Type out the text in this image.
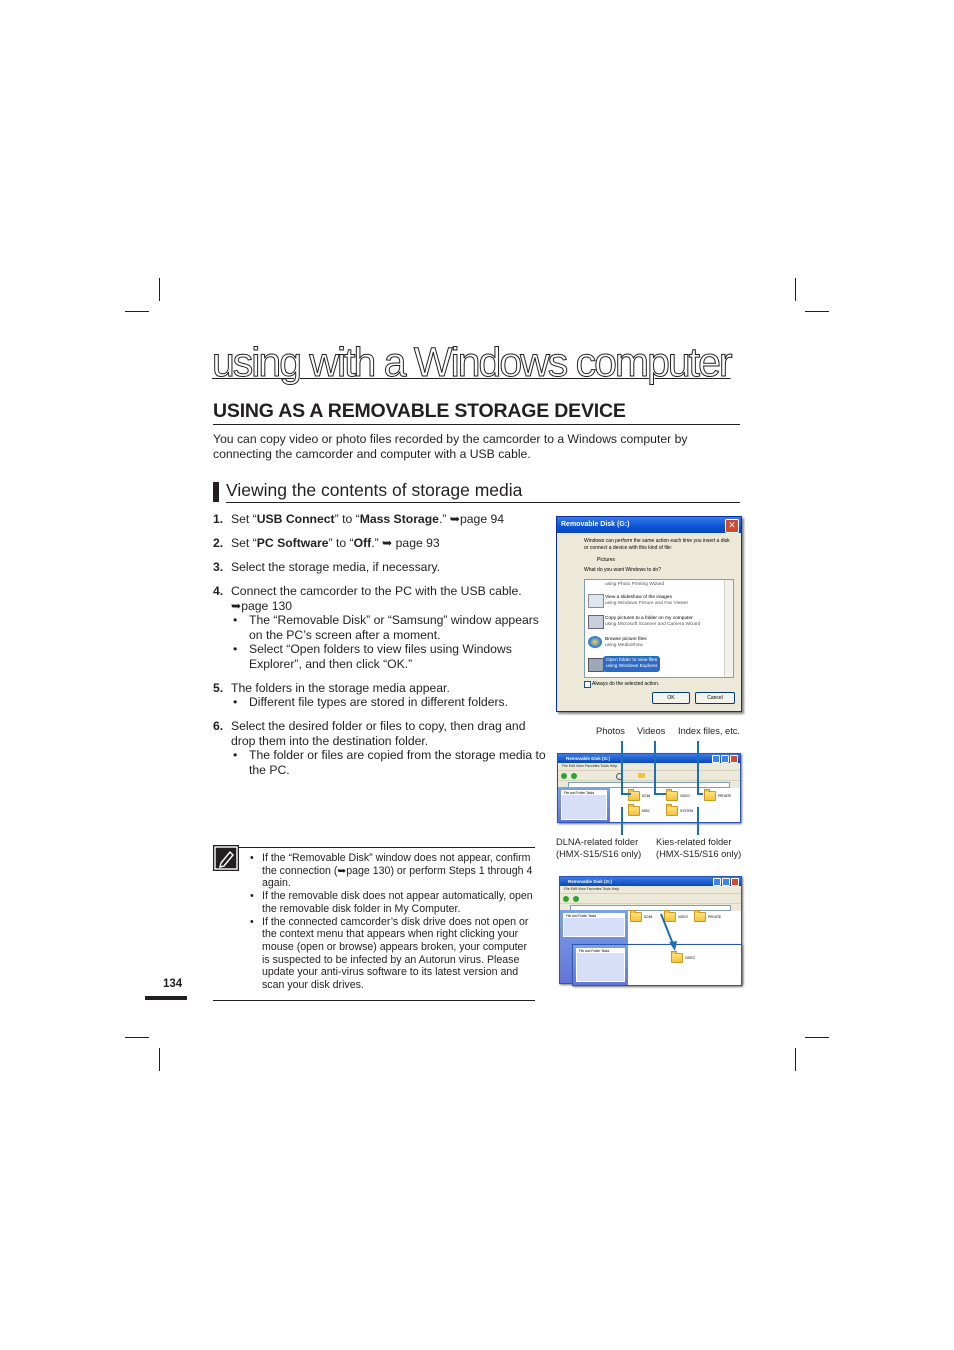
using with a Windows computer
USING AS A REMOVABLE STORAGE DEVICE
You can copy video or photo files recorded by the camcorder to a Windows computer by connecting the camcorder and computer with a USB cable.
Viewing the contents of storage media
1. Set “USB Connect” to “Mass Storage.” ➥page 94
2. Set “PC Software” to “Off.” ➥ page 93
3. Select the storage media, if necessary.
4. Connect the camcorder to the PC with the USB cable.
➥page 130
• The “Removable Disk” or “Samsung” window appears on the PC’s screen after a moment.
• Select “Open folders to view files using Windows Explorer”, and then click “OK.”
5. The folders in the storage media appear.
• Different file types are stored in different folders.
6. Select the desired folder or files to copy, then drag and drop them into the destination folder.
• The folder or files are copied from the storage media to the PC.
• If the “Removable Disk” window does not appear, confirm the connection (➥page 130) or perform Steps 1 through 4 again.
• If the removable disk does not appear automatically, open the removable disk folder in My Computer.
• If the connected camcorder’s disk drive does not open or the context menu that appears when right clicking your mouse (open or browse) appears broken, your computer is suspected to be infected by an Autorun virus. Please update your anti-virus software to its latest version and scan your disk drives.
134
Removable Disk (G:)	✕
Windows can perform the same action each time you insert a disk or connect a device with this kind of file:
Pictures
What do you want Windows to do?
using Photo Printing Wizard
View a slideshow of the images
using Windows Picture and Fax Viewer
Copy pictures to a folder on my computer
using Microsoft Scanner and Camera Wizard
Browse picture files
using MediaShow
Open folder to view files
using Windows Explorer
Always do the selected action.
OK	Cancel
Photos Videos Index files, etc.
Removable Disk (G:)
File Edit View Favorites Tools Help
File and Folder Tasks
DCIM	VIDEO	PRIVATE
MISC	SYSTEM
DLNA-related folder
(HMX-S15/S16 only)
Kies-related folder
(HMX-S15/S16 only)
Removable Disk (G:)
File Edit View Favorites Tools Help
File and Folder Tasks	DCIM	VIDEO	PRIVATE
File and Folder Tasks
VIDEO
